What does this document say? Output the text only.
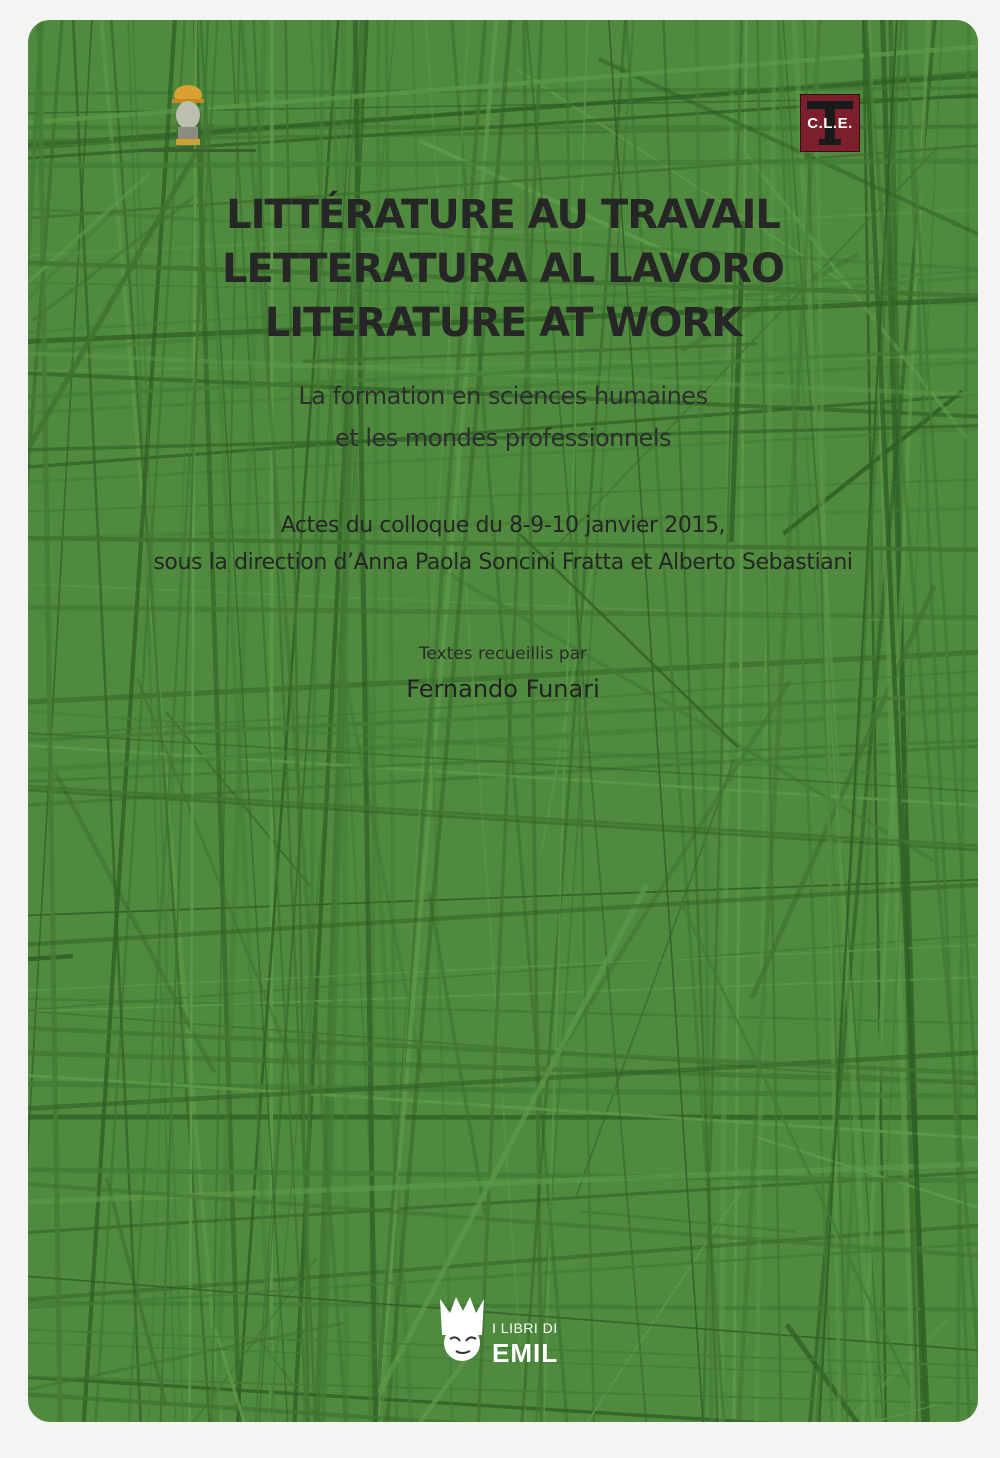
C.L.E.
LITTÉRATURE AU TRAVAIL
LETTERATURA AL LAVORO
LITERATURE AT WORK
La formation en sciences humaines
et les mondes professionnels
Actes du colloque du 8-9-10 janvier 2015,
sous la direction d’Anna Paola Soncini Fratta et Alberto Sebastiani
Textes recueillis par
Fernando Funari
I LIBRI DI
EMIL
